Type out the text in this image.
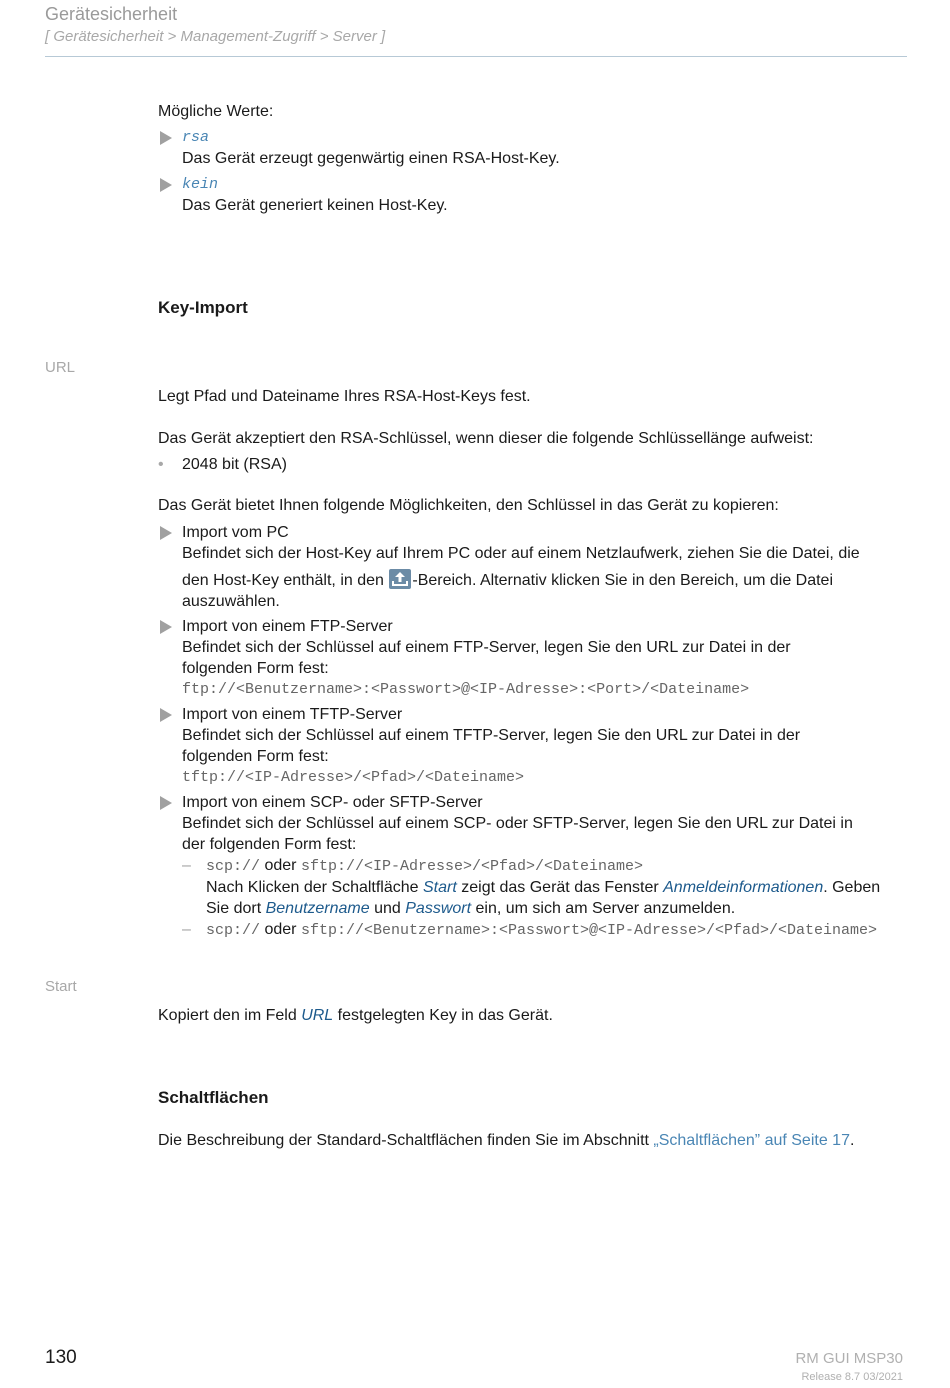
Gerätesicherheit
[ Gerätesicherheit > Management-Zugriff > Server ]
Mögliche Werte:
rsa
Das Gerät erzeugt gegenwärtig einen RSA-Host-Key.
kein
Das Gerät generiert keinen Host-Key.
Key-Import
URL
Legt Pfad und Dateiname Ihres RSA-Host-Keys fest.
Das Gerät akzeptiert den RSA-Schlüssel, wenn dieser die folgende Schlüssellänge aufweist:
• 2048 bit (RSA)
Das Gerät bietet Ihnen folgende Möglichkeiten, den Schlüssel in das Gerät zu kopieren:
Import vom PC
Befindet sich der Host-Key auf Ihrem PC oder auf einem Netzlaufwerk, ziehen Sie die Datei, die
den Host-Key enthält, in den -Bereich. Alternativ klicken Sie in den Bereich, um die Datei
auszuwählen.
Import von einem FTP-Server
Befindet sich der Schlüssel auf einem FTP-Server, legen Sie den URL zur Datei in der
folgenden Form fest:
ftp://<Benutzername>:<Passwort>@<IP-Adresse>:<Port>/<Dateiname>
Import von einem TFTP-Server
Befindet sich der Schlüssel auf einem TFTP-Server, legen Sie den URL zur Datei in der
folgenden Form fest:
tftp://<IP-Adresse>/<Pfad>/<Dateiname>
Import von einem SCP- oder SFTP-Server
Befindet sich der Schlüssel auf einem SCP- oder SFTP-Server, legen Sie den URL zur Datei in
der folgenden Form fest:
– scp:// oder sftp://<IP-Adresse>/<Pfad>/<Dateiname>
Nach Klicken der Schaltfläche Start zeigt das Gerät das Fenster Anmeldeinformationen. Geben
Sie dort Benutzername und Passwort ein, um sich am Server anzumelden.
– scp:// oder sftp://<Benutzername>:<Passwort>@<IP-Adresse>/<Pfad>/<Dateiname>
Start
Kopiert den im Feld URL festgelegten Key in das Gerät.
Schaltflächen
Die Beschreibung der Standard-Schaltflächen finden Sie im Abschnitt „Schaltflächen” auf Seite 17.
130	RM GUI MSP30
Release 8.7 03/2021
